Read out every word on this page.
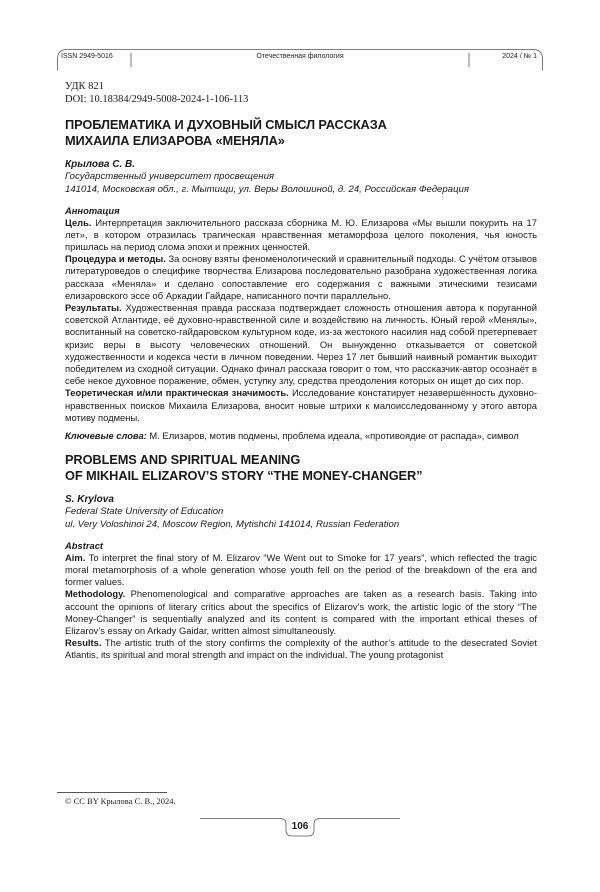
ISSN 2949-5016	Отечественная филология	2024 / № 1

УДК 821

DOI: 10.18384/2949-5008-2024-1-106-113

ПРОБЛЕМАТИКА И ДУХОВНЫЙ СМЫСЛ РАССКАЗА
МИХАИЛА ЕЛИЗАРОВА «МЕНЯЛА»

Крылова С. В.

Государственный университет просвещения

141014, Московская обл., г. Мытищи, ул. Веры Волошиной, д. 24, Российская Федерация

Аннотация

Цель. Интерпретация заключительного рассказа сборника М. Ю. Елизарова «Мы вышли покурить на 17 лет», в котором отразилась трагическая нравственная метаморфоза целого поколения, чья юность пришлась на период слома эпохи и прежних ценностей.

Процедура и методы. За основу взяты феноменологический и сравнительный подходы. С учётом отзывов литературоведов о специфике творчества Елизарова последовательно разобрана художественная логика рассказа «Меняла» и сделано сопоставление его содержания с важными этическими тезисами елизаровского эссе об Аркадии Гайдаре, написанного почти параллельно.

Результаты. Художественная правда рассказа подтверждает сложность отношения автора к поруганной советской Атлантиде, её духовно-нравственной силе и воздействию на личность. Юный герой «Менялы», воспитанный на советско-гайдаровском культурном коде, из-за жестокого насилия над собой претерпевает кризис веры в высоту человеческих отношений. Он вынужденно отказывается от советской художественности и кодекса чести в личном поведении. Через 17 лет бывший наивный романтик выходит победителем из сходной ситуации. Однако финал рассказа говорит о том, что рассказчик-автор осознаёт в себе некое духовное поражение, обмен, уступку злу, средства преодоления которых он ищет до сих пор.

Теоретическая и/или практическая значимость. Исследование констатирует незавершённость духовно-нравственных поисков Михаила Елизарова, вносит новые штрихи к малоисследованному у этого автора мотиву подмены.

Ключевые слова: М. Елизаров, мотив подмены, проблема идеала, «противоядие от распада», символ

PROBLEMS AND SPIRITUAL MEANING
OF MIKHAIL ELIZAROV’S STORY “THE MONEY-CHANGER”

S. Krylova

Federal State University of Education

ul. Very Voloshinoi 24, Moscow Region, Mytishchi 141014, Russian Federation

Abstract

Aim. To interpret the final story of M. Elizarov “We Went out to Smoke for 17 years”, which reflected the tragic moral metamorphosis of a whole generation whose youth fell on the period of the breakdown of the era and former values.

Methodology. Phenomenological and comparative approaches are taken as a research basis. Taking into account the opinions of literary critics about the specifics of Elizarov’s work, the artistic logic of the story “The Money-Changer” is sequentially analyzed and its content is compared with the important ethical theses of Elizarov’s essay on Arkady Gaidar, written almost simultaneously.

Results. The artistic truth of the story confirms the complexity of the author’s attitude to the desecrated Soviet Atlantis, its spiritual and moral strength and impact on the individual. The young protagonist

© CC BY Крылова С. В., 2024.
106
